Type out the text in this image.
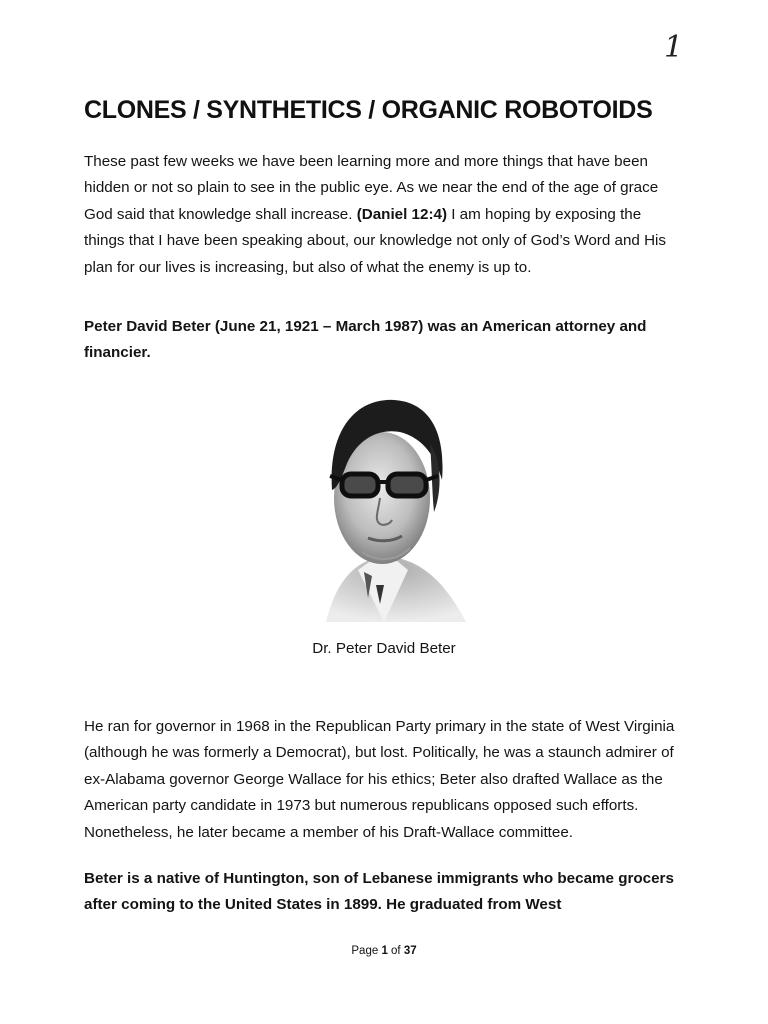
1
CLONES / SYNTHETICS / ORGANIC ROBOTOIDS

These past few weeks we have been learning more and more things that have been hidden or not so plain to see in the public eye. As we near the end of the age of grace God said that knowledge shall increase. (Daniel 12:4) I am hoping by exposing the things that I have been speaking about, our knowledge not only of God’s Word and His plan for our lives is increasing, but also of what the enemy is up to.

Peter David Beter (June 21, 1921 – March 1987) was an American attorney and financier.

Dr. Peter David Beter

He ran for governor in 1968 in the Republican Party primary in the state of West Virginia (although he was formerly a Democrat), but lost. Politically, he was a staunch admirer of ex-Alabama governor George Wallace for his ethics; Beter also drafted Wallace as the American party candidate in 1973 but numerous republicans opposed such efforts. Nonetheless, he later became a member of his Draft-Wallace committee.

Beter is a native of Huntington, son of Lebanese immigrants who became grocers after coming to the United States in 1899. He graduated from West

Page 1 of 37
